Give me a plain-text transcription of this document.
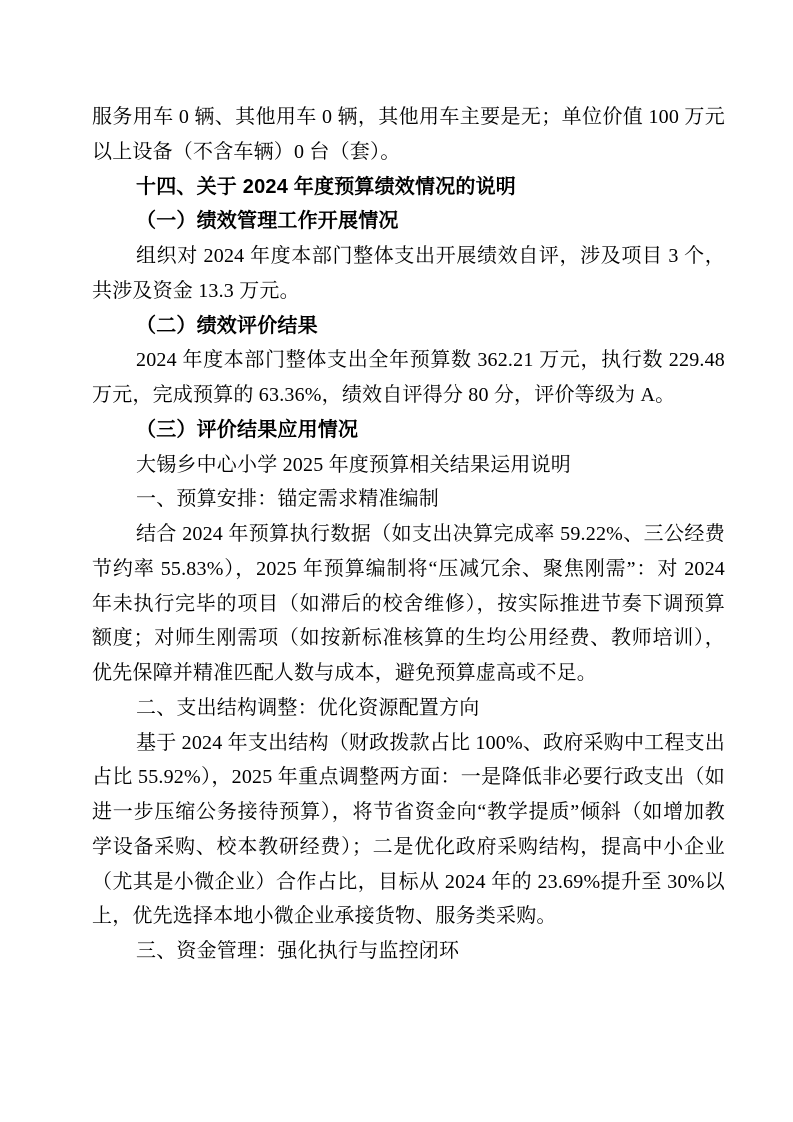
服务用车 0 辆、其他用车 0 辆，其他用车主要是无；单位价值 100 万元以上设备（不含车辆）0 台（套）。

十四、关于 2024 年度预算绩效情况的说明

（一）绩效管理工作开展情况

组织对 2024 年度本部门整体支出开展绩效自评，涉及项目 3 个，共涉及资金 13.3 万元。

（二）绩效评价结果

2024 年度本部门整体支出全年预算数 362.21 万元，执行数 229.48 万元，完成预算的 63.36%，绩效自评得分 80 分，评价等级为 A。

（三）评价结果应用情况

大锡乡中心小学 2025 年度预算相关结果运用说明

一、预算安排：锚定需求精准编制

结合 2024 年预算执行数据（如支出决算完成率 59.22%、三公经费节约率 55.83%），2025 年预算编制将“压减冗余、聚焦刚需”：对 2024 年未执行完毕的项目（如滞后的校舍维修），按实际推进节奏下调预算额度；对师生刚需项（如按新标准核算的生均公用经费、教师培训），优先保障并精准匹配人数与成本，避免预算虚高或不足。

二、支出结构调整：优化资源配置方向

基于 2024 年支出结构（财政拨款占比 100%、政府采购中工程支出占比 55.92%），2025 年重点调整两方面：一是降低非必要行政支出（如进一步压缩公务接待预算），将节省资金向“教学提质”倾斜（如增加教学设备采购、校本教研经费）；二是优化政府采购结构，提高中小企业（尤其是小微企业）合作占比，目标从 2024 年的 23.69%提升至 30%以上，优先选择本地小微企业承接货物、服务类采购。

三、资金管理：强化执行与监控闭环
